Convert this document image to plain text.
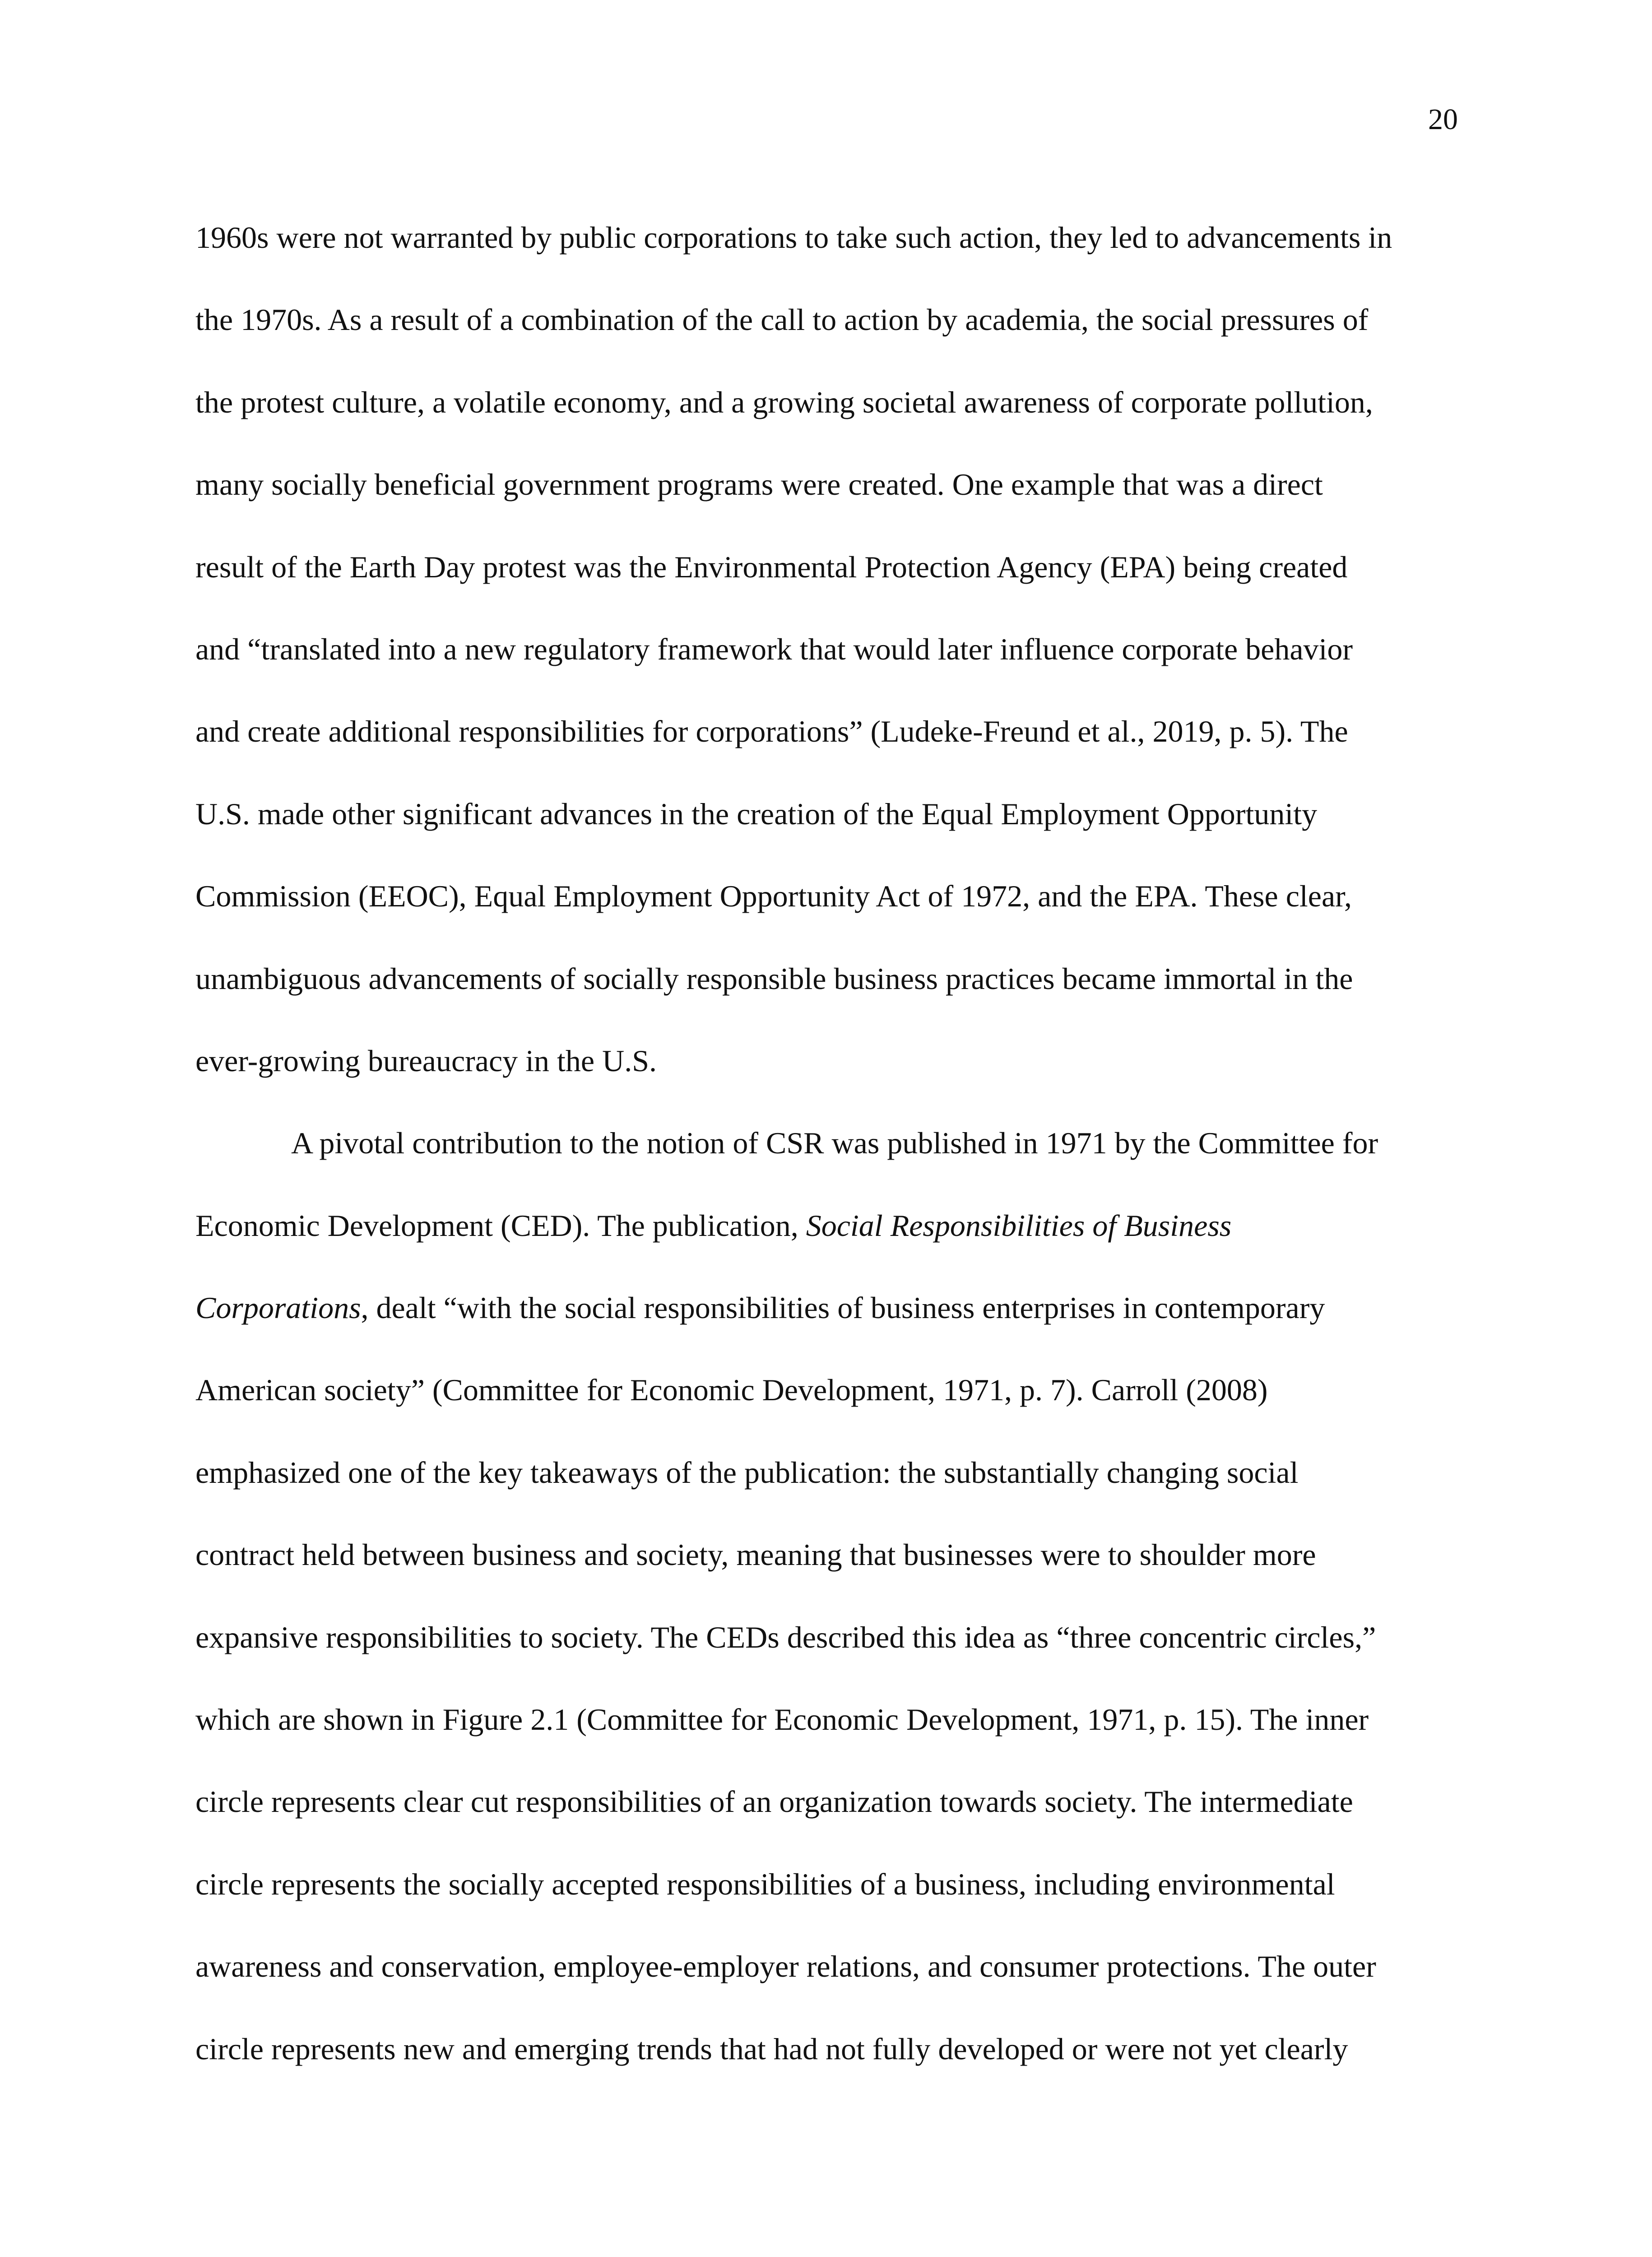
20
1960s were not warranted by public corporations to take such action, they led to advancements in
the 1970s. As a result of a combination of the call to action by academia, the social pressures of
the protest culture, a volatile economy, and a growing societal awareness of corporate pollution,
many socially beneficial government programs were created. One example that was a direct
result of the Earth Day protest was the Environmental Protection Agency (EPA) being created
and “translated into a new regulatory framework that would later influence corporate behavior
and create additional responsibilities for corporations” (Ludeke-Freund et al., 2019, p. 5). The
U.S. made other significant advances in the creation of the Equal Employment Opportunity
Commission (EEOC), Equal Employment Opportunity Act of 1972, and the EPA. These clear,
unambiguous advancements of socially responsible business practices became immortal in the
ever-growing bureaucracy in the U.S.
A pivotal contribution to the notion of CSR was published in 1971 by the Committee for
Economic Development (CED). The publication, Social Responsibilities of Business
Corporations, dealt “with the social responsibilities of business enterprises in contemporary
American society” (Committee for Economic Development, 1971, p. 7). Carroll (2008)
emphasized one of the key takeaways of the publication: the substantially changing social
contract held between business and society, meaning that businesses were to shoulder more
expansive responsibilities to society. The CEDs described this idea as “three concentric circles,”
which are shown in Figure 2.1 (Committee for Economic Development, 1971, p. 15). The inner
circle represents clear cut responsibilities of an organization towards society. The intermediate
circle represents the socially accepted responsibilities of a business, including environmental
awareness and conservation, employee-employer relations, and consumer protections. The outer
circle represents new and emerging trends that had not fully developed or were not yet clearly
